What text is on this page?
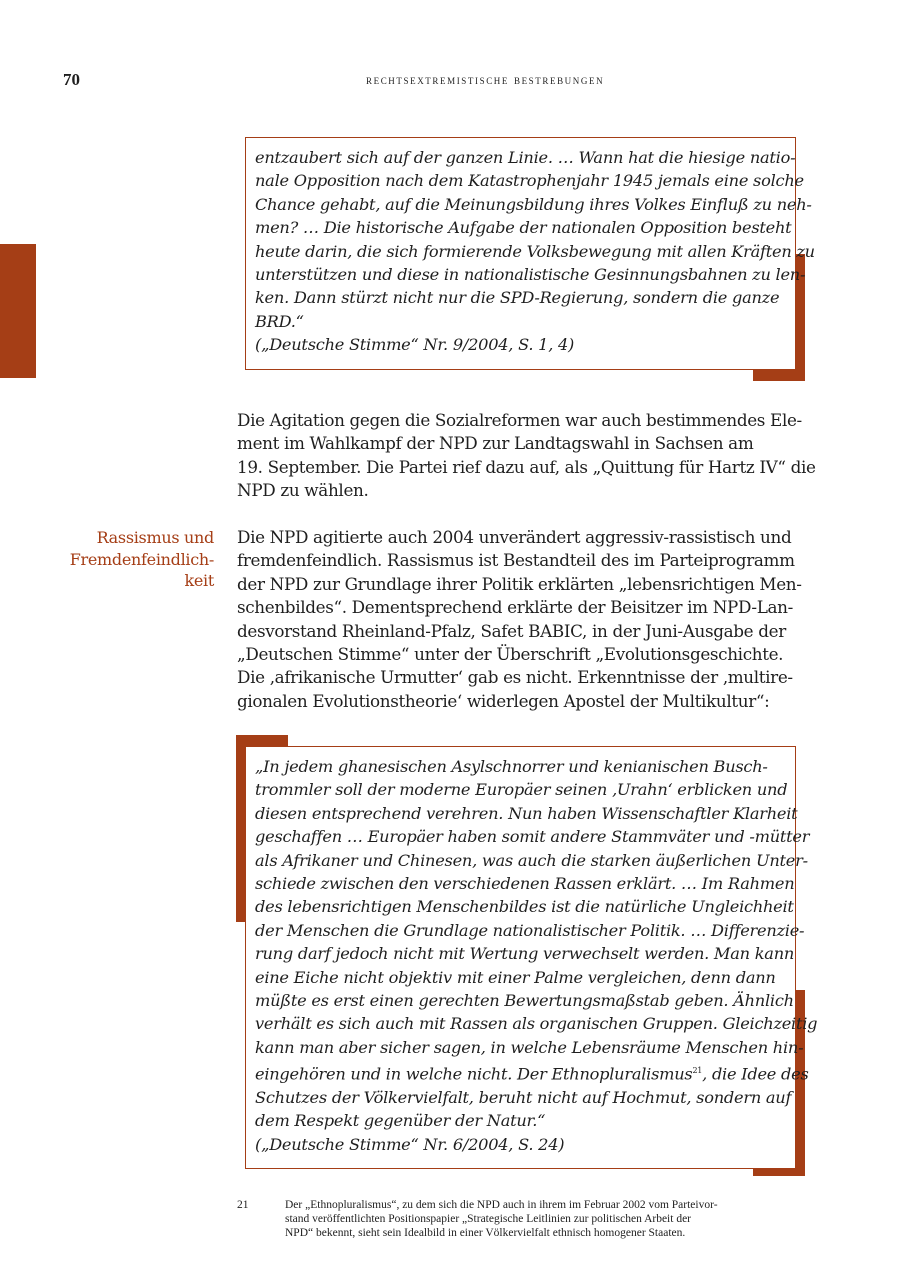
70	rechtsextremistische bestrebungen
entzaubert sich auf der ganzen Linie. … Wann hat die hiesige natio-
nale Opposition nach dem Katastrophenjahr 1945 jemals eine solche
Chance gehabt, auf die Meinungsbildung ihres Volkes Einfluß zu neh-
men? … Die historische Aufgabe der nationalen Opposition besteht
heute darin, die sich formierende Volksbewegung mit allen Kräften zu
unterstützen und diese in nationalistische Gesinnungsbahnen zu len-
ken. Dann stürzt nicht nur die SPD-Regierung, sondern die ganze
BRD.“
(„Deutsche Stimme“ Nr. 9/2004, S. 1, 4)
Die Agitation gegen die Sozialreformen war auch bestimmendes Ele-
ment im Wahlkampf der NPD zur Landtagswahl in Sachsen am
19. September. Die Partei rief dazu auf, als „Quittung für Hartz IV“ die
NPD zu wählen.
Rassismus und
Fremdenfeindlich-
keit
Die NPD agitierte auch 2004 unverändert aggressiv-rassistisch und
fremdenfeindlich. Rassismus ist Bestandteil des im Parteiprogramm
der NPD zur Grundlage ihrer Politik erklärten „lebensrichtigen Men-
schenbildes“. Dementsprechend erklärte der Beisitzer im NPD-Lan-
desvorstand Rheinland-Pfalz, Safet BABIC, in der Juni-Ausgabe der
„Deutschen Stimme“ unter der Überschrift „Evolutionsgeschichte.
Die ‚afrikanische Urmutter‘ gab es nicht. Erkenntnisse der ‚multire-
gionalen Evolutionstheorie‘ widerlegen Apostel der Multikultur“:
„In jedem ghanesischen Asylschnorrer und kenianischen Busch-
trommler soll der moderne Europäer seinen ‚Urahn‘ erblicken und
diesen entsprechend verehren. Nun haben Wissenschaftler Klarheit
geschaffen … Europäer haben somit andere Stammväter und -mütter
als Afrikaner und Chinesen, was auch die starken äußerlichen Unter-
schiede zwischen den verschiedenen Rassen erklärt. … Im Rahmen
des lebensrichtigen Menschenbildes ist die natürliche Ungleichheit
der Menschen die Grundlage nationalistischer Politik. … Differenzie-
rung darf jedoch nicht mit Wertung verwechselt werden. Man kann
eine Eiche nicht objektiv mit einer Palme vergleichen, denn dann
müßte es erst einen gerechten Bewertungsmaßstab geben. Ähnlich
verhält es sich auch mit Rassen als organischen Gruppen. Gleichzeitig
kann man aber sicher sagen, in welche Lebensräume Menschen hin-
eingehören und in welche nicht. Der Ethnopluralismus$^{21}$, die Idee des
Schutzes der Völkervielfalt, beruht nicht auf Hochmut, sondern auf
dem Respekt gegenüber der Natur.“
(„Deutsche Stimme“ Nr. 6/2004, S. 24)
21	Der „Ethnopluralismus“, zu dem sich die NPD auch in ihrem im Februar 2002 vom Parteivor-
stand veröffentlichten Positionspapier „Strategische Leitlinien zur politischen Arbeit der
NPD“ bekennt, sieht sein Idealbild in einer Völkervielfalt ethnisch homogener Staaten.
